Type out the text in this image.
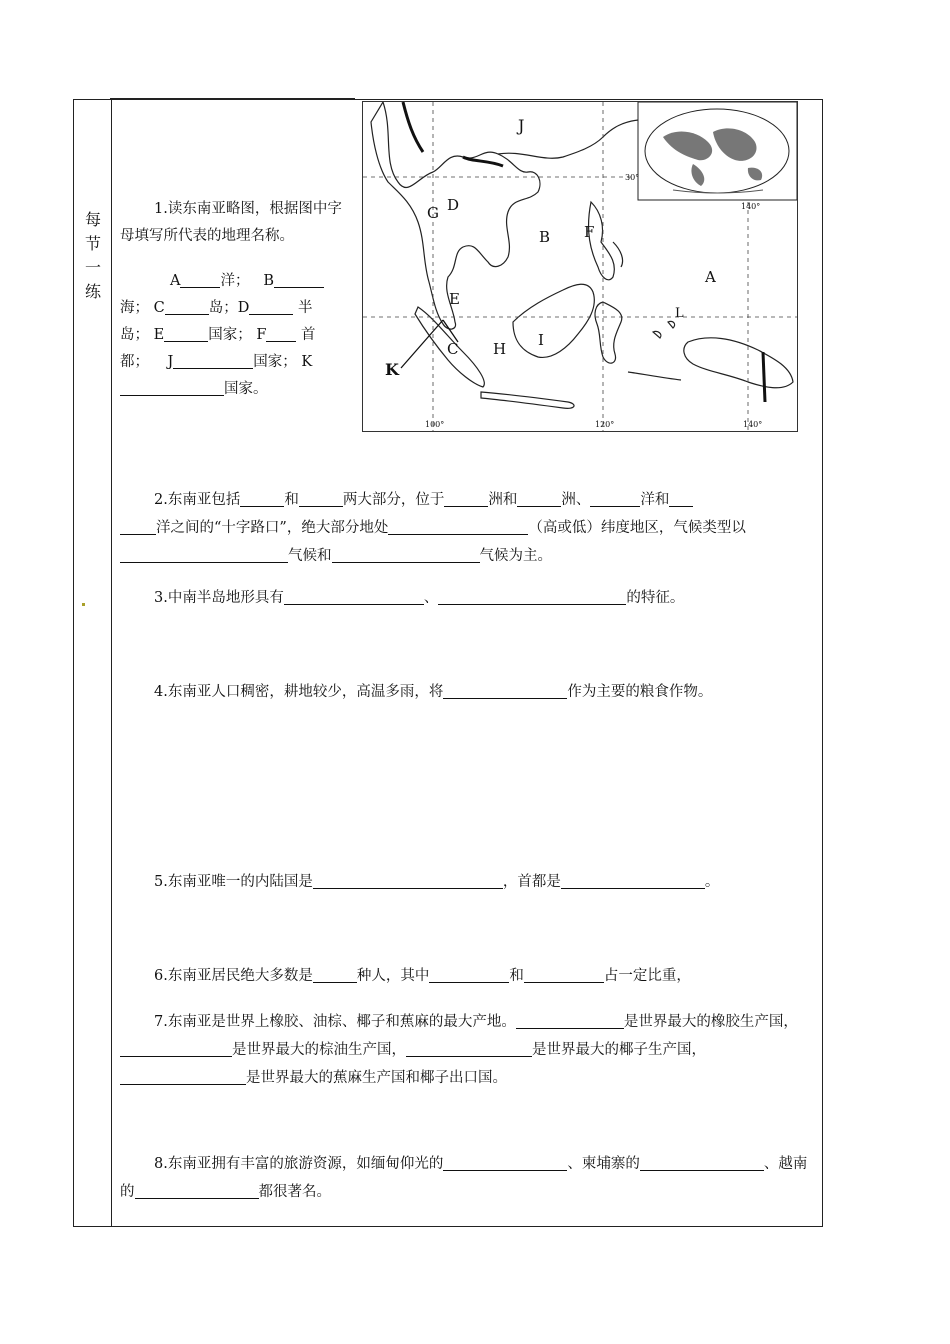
每
节
一
练
J
G D
B F
A
E
C H I
K
L
30°
140°
100°	120°	140°

1.读东南亚略图，根据图中字母填写所代表的地理名称。

A	洋； B 海； C	岛；D	半岛； E	国家； F 首都； J	国家； K国家。

2.东南亚包括	和	两大部分，位于	洲和	洲、	洋和

洋之间的“十字路口”，绝大部分地处	（高或低）纬度地区，气候类型以气候和	气候为主。

3.中南半岛地形具有	、	的特征。

4.东南亚人口稠密，耕地较少，高温多雨，将	作为主要的粮食作物。

5.东南亚唯一的内陆国是	，首都是	。

6.东南亚居民绝大多数是	种人，其中	和	占一定比重，

7.东南亚是世界上橡胶、油棕、椰子和蕉麻的最大产地。	是世界最大的橡胶生产国，是世界最大的棕油生产国，	是世界最大的椰子生产国，是世界最大的蕉麻生产国和椰子出口国。

8.东南亚拥有丰富的旅游资源，如缅甸仰光的	、柬埔寨的	、越南的	都很著名。
